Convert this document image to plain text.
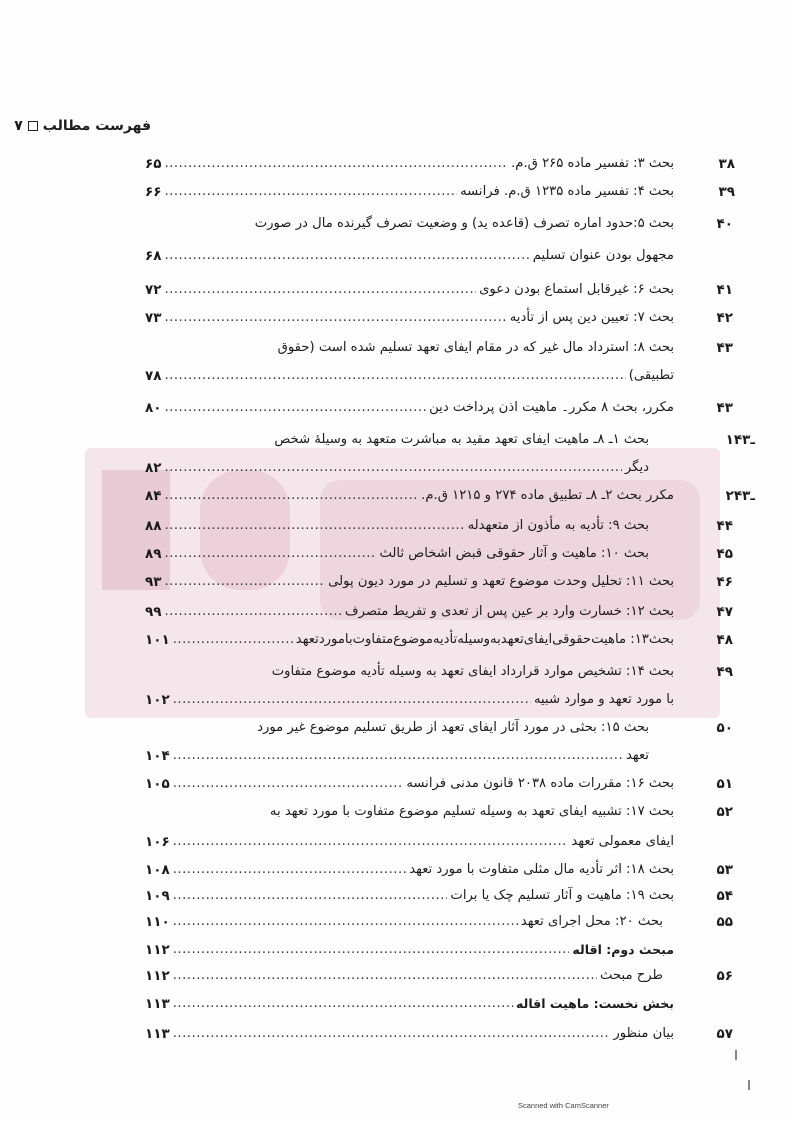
فهرست مطالب۷
۳۸
بحث ۳: تفسیر ماده ۲۶۵ ق.م.
.....
۶۵
۳۹
بحث ۴: تفسیر ماده ۱۲۳۵ ق.م. فرانسه
.....
۶۶
۴۰
بحث ۵:حدود اماره تصرف (قاعده ید) و وضعیت تصرف گیرنده مال در صورت
مجهول بودن عنوان تسلیم
.....
۶۸
۴۱
بحث ۶: غیرقابل استماع بودن دعوی
.....
۷۲
۴۲
بحث ۷: تعیین دین پس از تأدیه
.....
۷۳
۴۳
بحث ۸: استرداد مال غیر که در مقام ایفای تعهد تسلیم شده است (حقوق
تطبیقی)
.....
۷۸
۴۳
مکرر، بحث ۸ مکرر۔ ماهیت اذن پرداخت دین
.....
۸۰
۱ـ۴۳
بحث ۱ـ ۸ـ ماهیت ایفای تعهد مقید به مباشرت متعهد به وسیلهٔ شخص
دیگر
.....
۸۲
۲ـ۴۳
مکرر بحث ۲ـ ۸ـ تطبیق ماده ۲۷۴ و ۱۲۱۵ ق.م.
.....
۸۴
۴۴
بحث ۹: تأدیه به مأذون از متعهدله
.....
۸۸
۴۵
بحث ۱۰: ماهیت و آثار حقوقی قبض اشخاص ثالث
.....
۸۹
۴۶
بحث ۱۱: تحلیل وحدت موضوع تعهد و تسلیم در مورد دیون پولی
.....
۹۳
۴۷
بحث ۱۲: خسارت وارد بر عین پس از تعدی و تفریط متصرف
.....
۹۹
۴۸
بحث۱۳: ماهیت‌حقوقی‌ایفای‌تعهدبه‌وسیله‌تأدیه‌موضوع‌متفاوت‌باموردتعهد
.....
۱۰۱
۴۹
بحث ۱۴: تشخیص موارد قرارداد ایفای تعهد به وسیله تأدیه موضوع متفاوت
با مورد تعهد و موارد شبیه
.....
۱۰۲
۵۰
بحث ۱۵: بحثی در مورد آثار ایفای تعهد از طریق تسلیم موضوع غیر مورد
تعهد
.....
۱۰۴
۵۱
بحث ۱۶: مقررات ماده ۲۰۳۸ قانون مدنی فرانسه
.....
۱۰۵
۵۲
بحث ۱۷: تشبیه ایفای تعهد به وسیله تسلیم موضوع متفاوت با مورد تعهد به
ایفای معمولی تعهد
.....
۱۰۶
۵۳
بحث ۱۸: اثر تأدیه مال مثلی متفاوت با مورد تعهد
.....
۱۰۸
۵۴
بحث ۱۹: ماهیت و آثار تسلیم چک یا برات
.....
۱۰۹
۵۵
بحث ۲۰: محل اجرای تعهد
.....
۱۱۰
مبحث دوم: اقاله
.....
۱۱۲
۵۶
طرح مبحث
.....
۱۱۲
بخش نخست: ماهیت اقاله
.....
۱۱۳
۵۷
بیان منظور
.....
۱۱۳
Scanned with CamScanner
